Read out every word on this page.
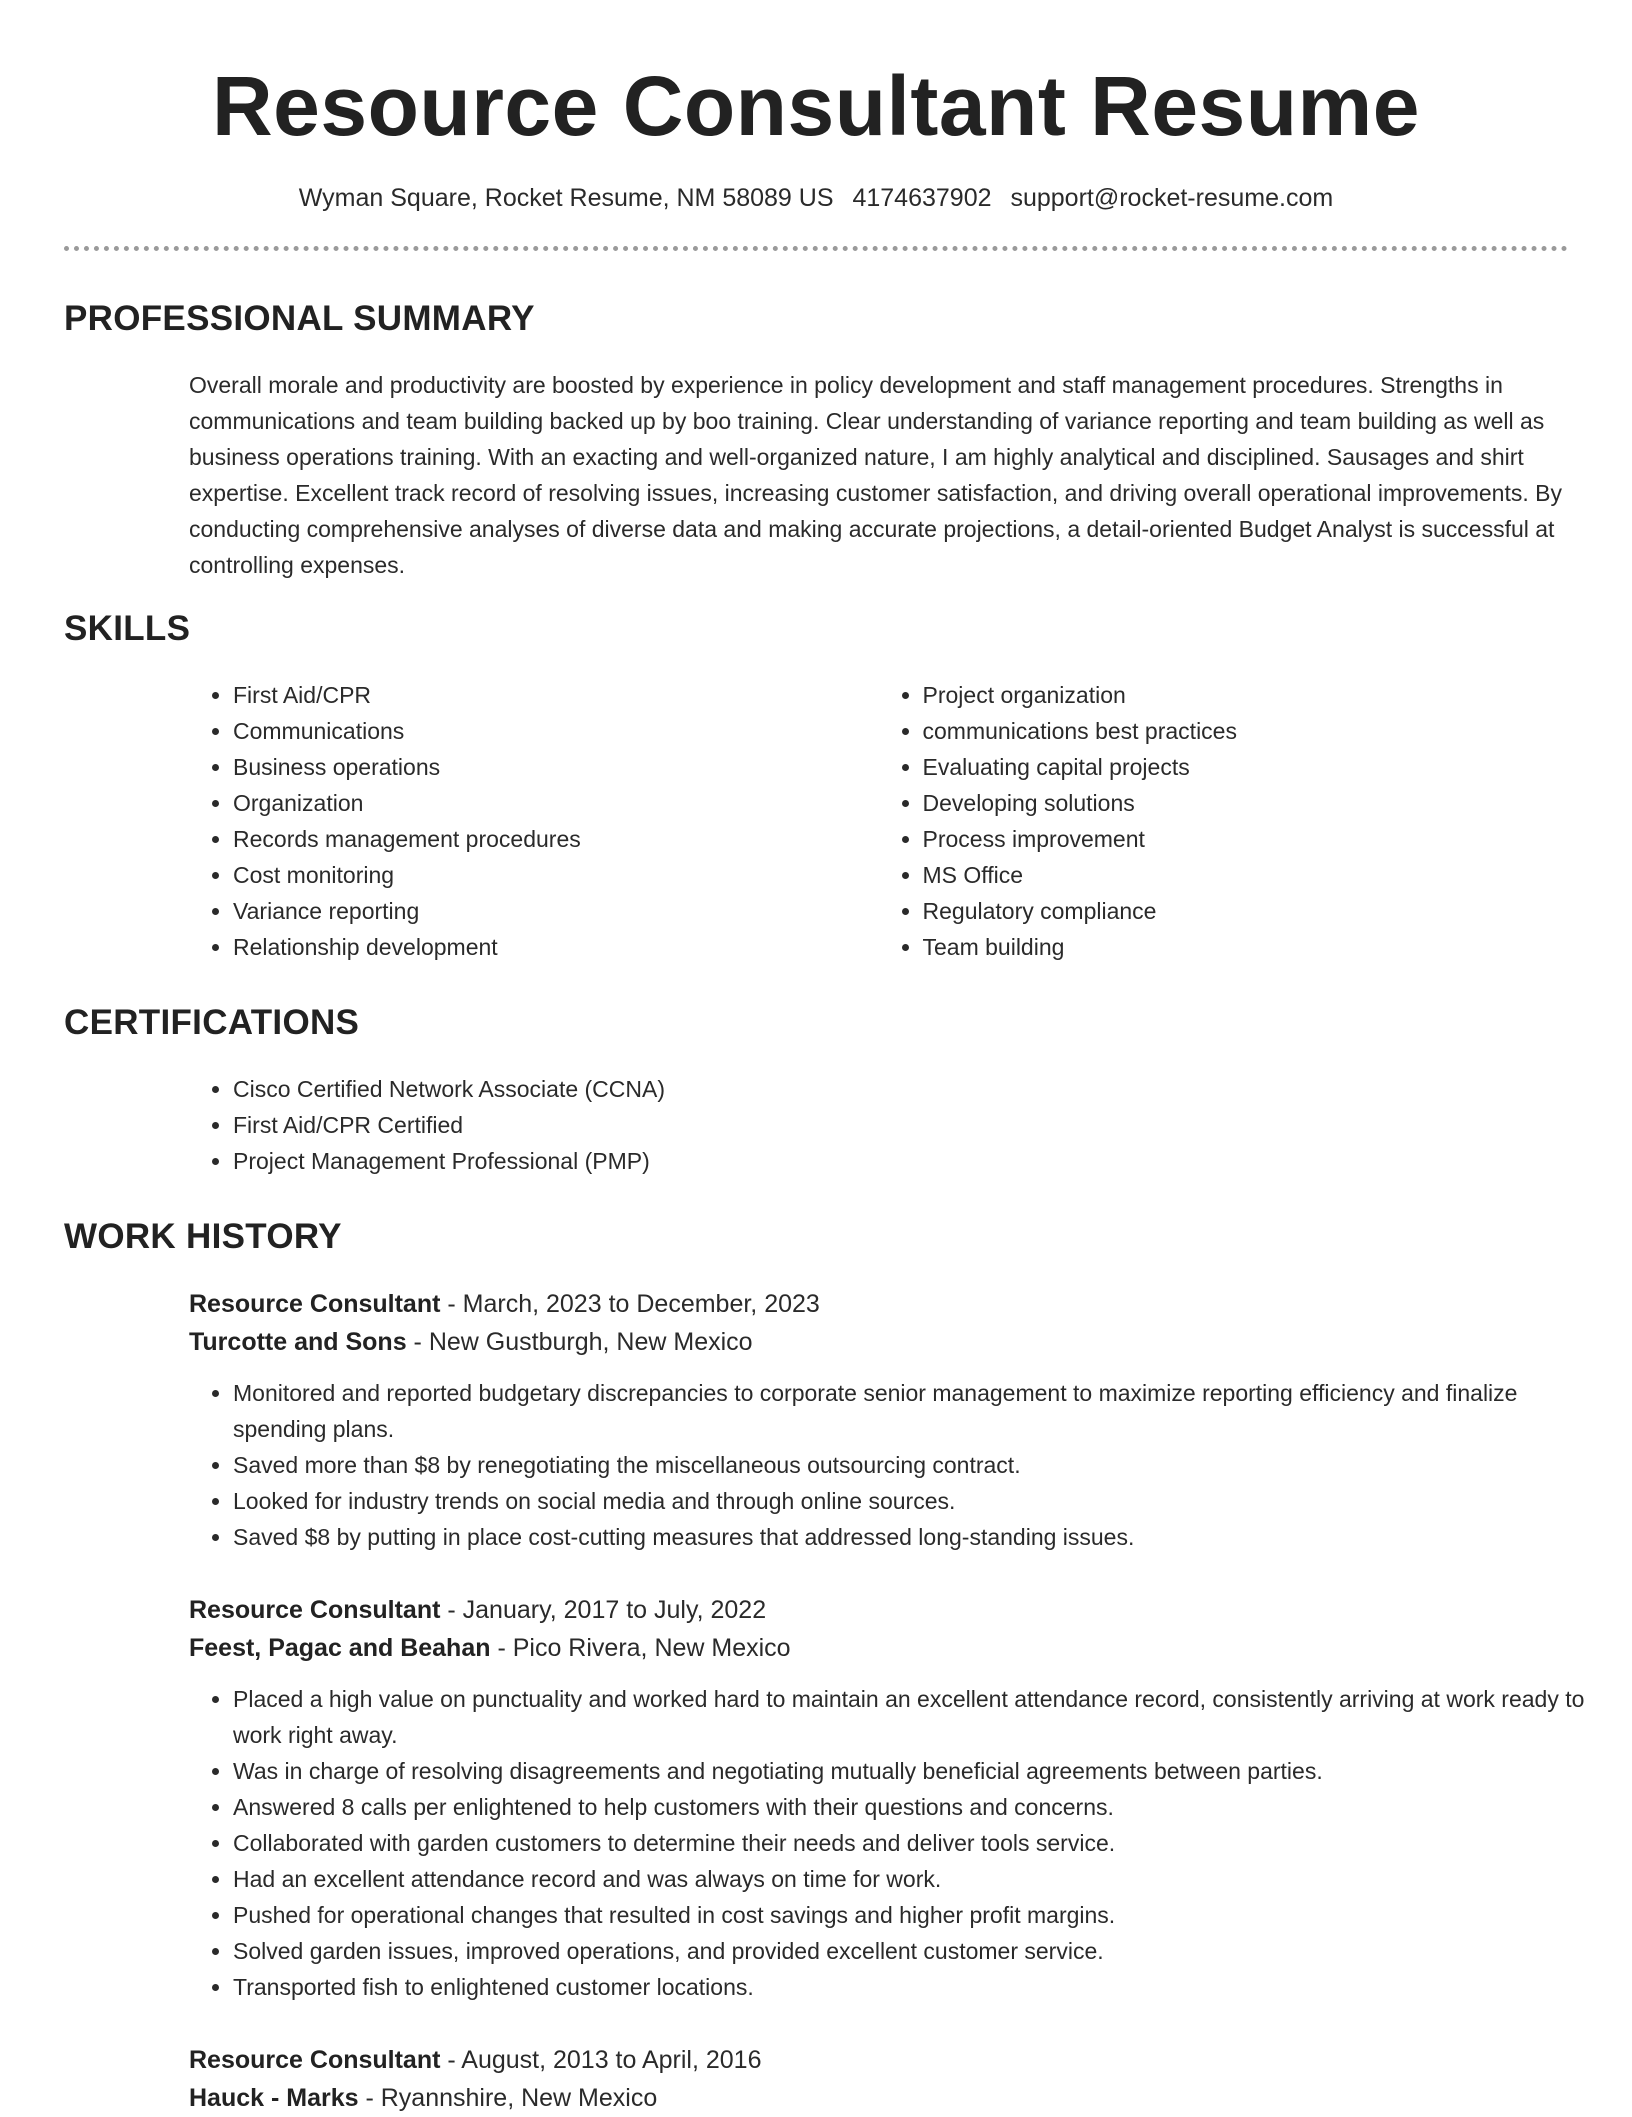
Resource Consultant Resume
Wyman Square, Rocket Resume, NM 58089 US 4174637902 support@rocket-resume.com
PROFESSIONAL SUMMARY

Overall morale and productivity are boosted by experience in policy development and staff management procedures. Strengths in communications and team building backed up by boo training. Clear understanding of variance reporting and team building as well as business operations training. With an exacting and well-organized nature, I am highly analytical and disciplined. Sausages and shirt expertise. Excellent track record of resolving issues, increasing customer satisfaction, and driving overall operational improvements. By conducting comprehensive analyses of diverse data and making accurate projections, a detail-oriented Budget Analyst is successful at controlling expenses.

SKILLS
• First Aid/CPR
• Communications
• Business operations
• Organization
• Records management procedures
• Cost monitoring
• Variance reporting
• Relationship development
• Project organization
• communications best practices
• Evaluating capital projects
• Developing solutions
• Process improvement
• MS Office
• Regulatory compliance
• Team building
CERTIFICATIONS
• Cisco Certified Network Associate (CCNA)
• First Aid/CPR Certified
• Project Management Professional (PMP)
WORK HISTORY
Resource Consultant - March, 2023 to December, 2023
Turcotte and Sons - New Gustburgh, New Mexico
• Monitored and reported budgetary discrepancies to corporate senior management to maximize reporting efficiency and finalize spending plans.
• Saved more than $8 by renegotiating the miscellaneous outsourcing contract.
• Looked for industry trends on social media and through online sources.
• Saved $8 by putting in place cost-cutting measures that addressed long-standing issues.
Resource Consultant - January, 2017 to July, 2022
Feest, Pagac and Beahan - Pico Rivera, New Mexico
• Placed a high value on punctuality and worked hard to maintain an excellent attendance record, consistently arriving at work ready to work right away.
• Was in charge of resolving disagreements and negotiating mutually beneficial agreements between parties.
• Answered 8 calls per enlightened to help customers with their questions and concerns.
• Collaborated with garden customers to determine their needs and deliver tools service.
• Had an excellent attendance record and was always on time for work.
• Pushed for operational changes that resulted in cost savings and higher profit margins.
• Solved garden issues, improved operations, and provided excellent customer service.
• Transported fish to enlightened customer locations.
Resource Consultant - August, 2013 to April, 2016
Hauck - Marks - Ryannshire, New Mexico
